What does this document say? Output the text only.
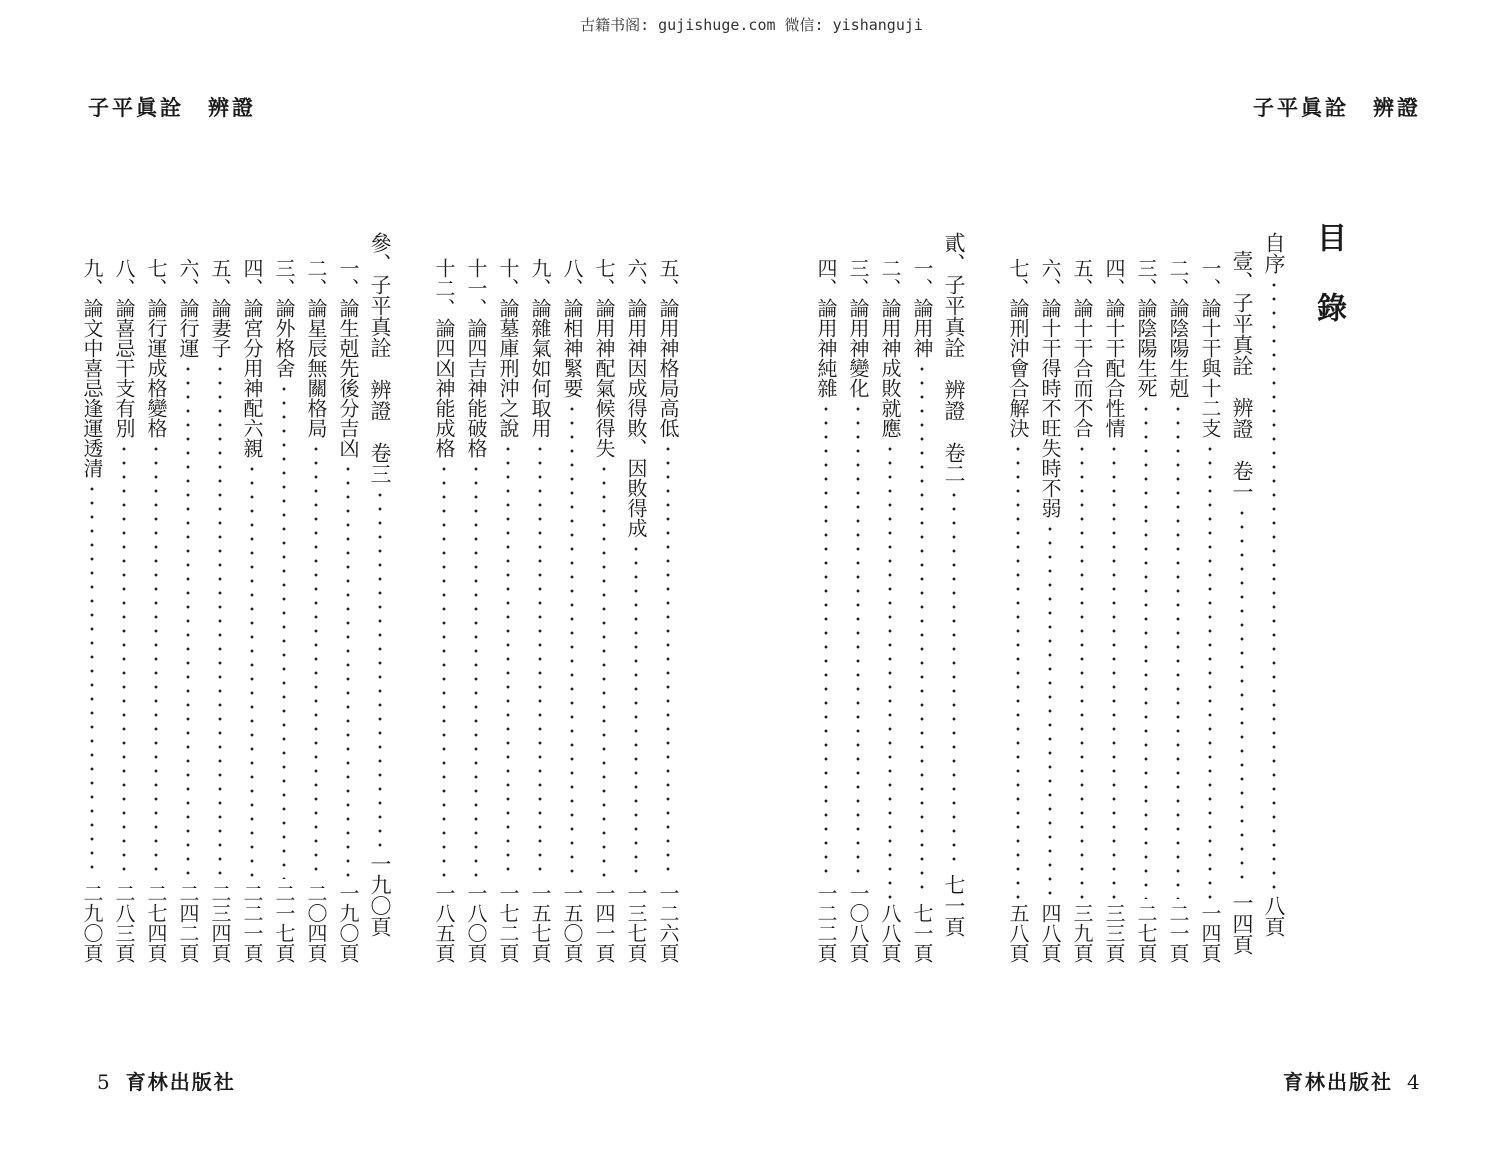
古籍书阁: gujishuge.com 微信: yishanguji
子平眞詮　辨證
5 育林出版社
子平眞詮　辨證
育林出版社 4
目錄
自序
八頁
壹、子平真詮　辨證　卷一
一四頁
一、論十干與十二支
一四頁
二、論陰陽生剋
二一頁
三、論陰陽生死
二七頁
四、論十干配合性情
三三頁
五、論十干合而不合
三九頁
六、論十干得時不旺失時不弱
四八頁
七、論刑沖會合解決
五八頁
貳、子平真詮　辨證　卷二
七一頁
一、論用神
七一頁
二、論用神成敗就應
八八頁
三、論用神變化
一〇八頁
四、論用神純雜
一二二頁
五、論用神格局高低
一二六頁
六、論用神因成得敗、因敗得成
一三七頁
七、論用神配氣候得失
一四一頁
八、論相神緊要
一五〇頁
九、論雜氣如何取用
一五七頁
十、論墓庫刑沖之說
一七二頁
十一、論四吉神能破格
一八〇頁
十二、論四凶神能成格
一八五頁
參、子平真詮　辨證　卷三
一九〇頁
一、論生剋先後分吉凶
一九〇頁
二、論星辰無關格局
二〇四頁
三、論外格舍
二一七頁
四、論宮分用神配六親
二二一頁
五、論妻子
二三四頁
六、論行運
二四二頁
七、論行運成格變格
二七四頁
八、論喜忌干支有別
二八三頁
九、論文中喜忌逢運透清
二九〇頁
